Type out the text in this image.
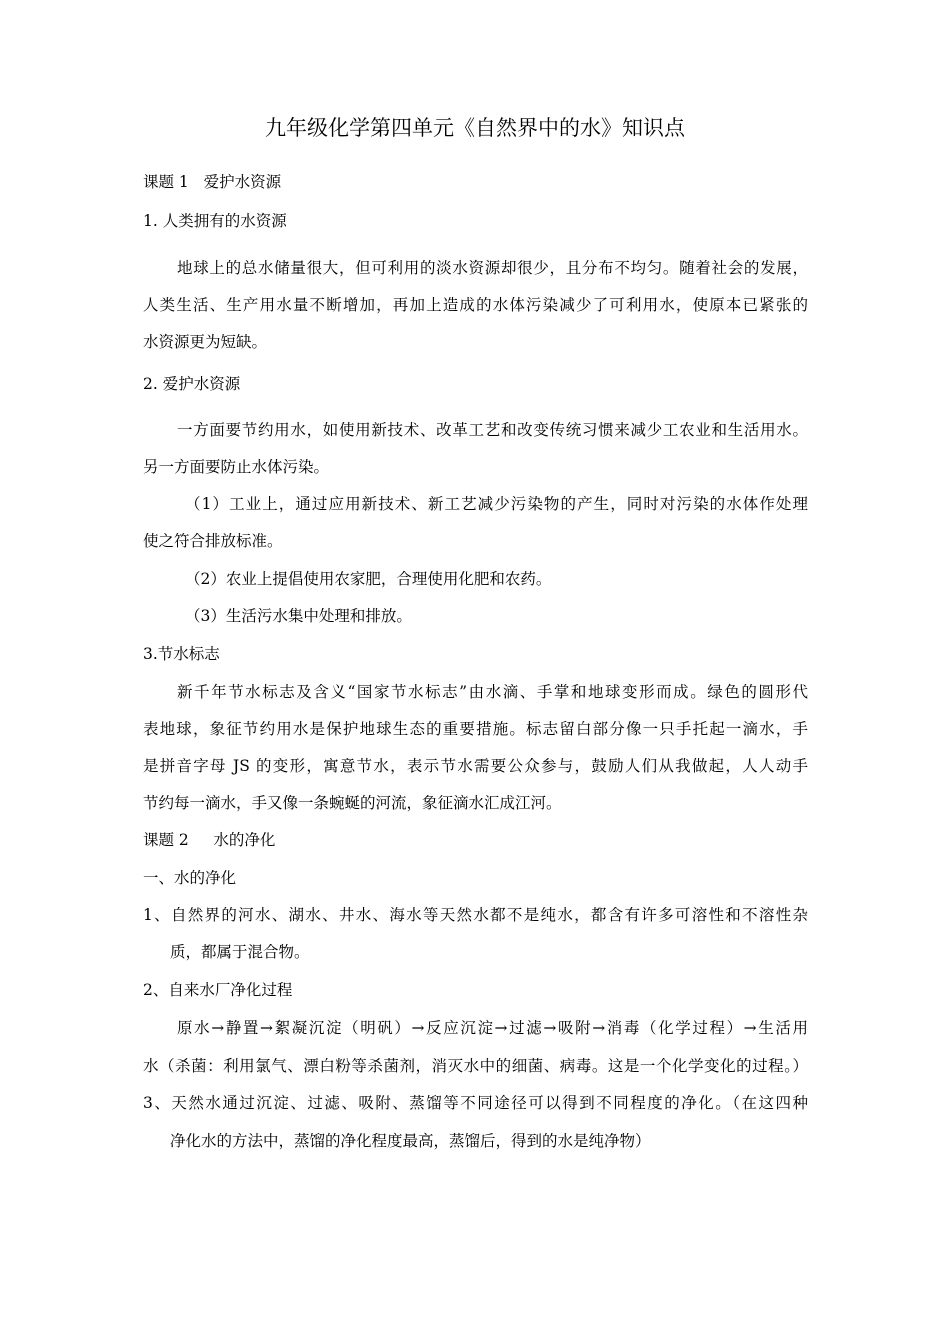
九年级化学第四单元《自然界中的水》知识点
课题 1   爱护水资源
1. 人类拥有的水资源
地球上的总水储量很大，但可利用的淡水资源却很少，且分布不均匀。随着社会的发展，
人类生活、生产用水量不断增加，再加上造成的水体污染减少了可利用水，使原本已紧张的
水资源更为短缺。
2. 爱护水资源
一方面要节约用水，如使用新技术、改革工艺和改变传统习惯来减少工农业和生活用水。
另一方面要防止水体污染。
（1）工业上，通过应用新技术、新工艺减少污染物的产生，同时对污染的水体作处理
使之符合排放标准。
（2）农业上提倡使用农家肥，合理使用化肥和农药。
（3）生活污水集中处理和排放。
3.节水标志
新千年节水标志及含义“国家节水标志”由水滴、手掌和地球变形而成。绿色的圆形代
表地球，象征节约用水是保护地球生态的重要措施。标志留白部分像一只手托起一滴水，手
是拼音字母 JS 的变形，寓意节水，表示节水需要公众参与，鼓励人们从我做起，人人动手
节约每一滴水，手又像一条蜿蜒的河流，象征滴水汇成江河。
课题 2     水的净化
一、水的净化
1、自然界的河水、湖水、井水、海水等天然水都不是纯水，都含有许多可溶性和不溶性杂
质，都属于混合物。
2、自来水厂净化过程
原水→静置→絮凝沉淀（明矾）→反应沉淀→过滤→吸附→消毒（化学过程）→生活用
水（杀菌：利用氯气、漂白粉等杀菌剂，消灭水中的细菌、病毒。这是一个化学变化的过程。）
3、天然水通过沉淀、过滤、吸附、蒸馏等不同途径可以得到不同程度的净化。（在这四种
净化水的方法中，蒸馏的净化程度最高，蒸馏后，得到的水是纯净物）
